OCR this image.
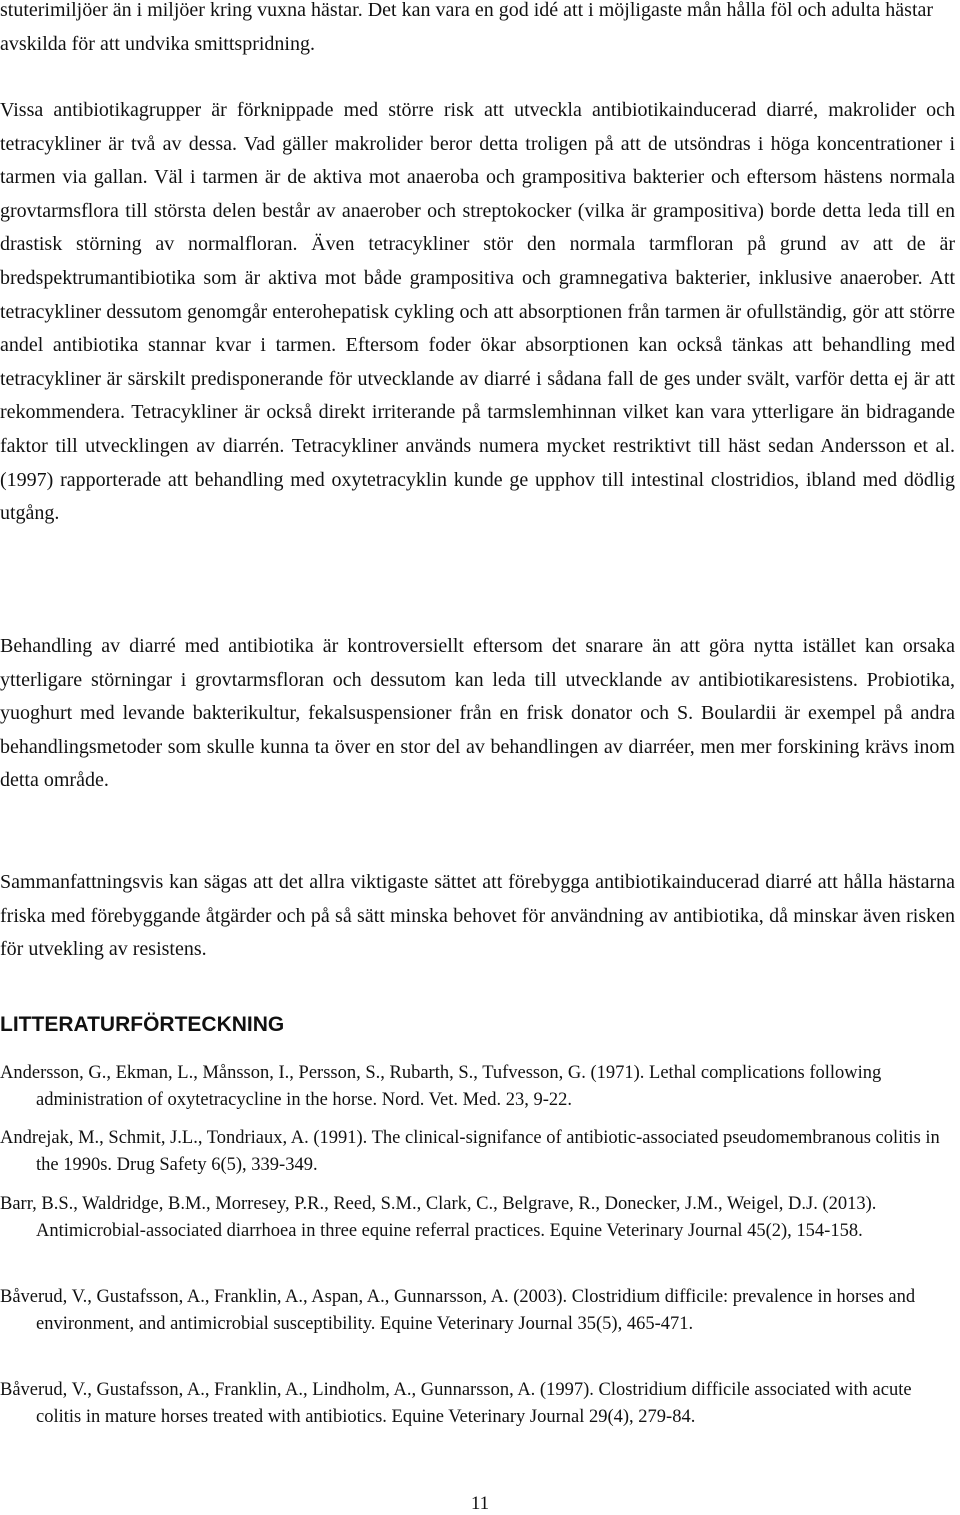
stuterimiljöer än i miljöer kring vuxna hästar. Det kan vara en god idé att i möjligaste mån hålla föl och adulta hästar avskilda för att undvika smittspridning.

Vissa antibiotikagrupper är förknippade med större risk att utveckla antibiotikainducerad diarré, makrolider och tetracykliner är två av dessa. Vad gäller makrolider beror detta troligen på att de utsöndras i höga koncentrationer i tarmen via gallan. Väl i tarmen är de aktiva mot anaeroba och grampositiva bakterier och eftersom hästens normala grovtarmsflora till största delen består av anaerober och streptokocker (vilka är grampositiva) borde detta leda till en drastisk störning av normalfloran. Även tetracykliner stör den normala tarmfloran på grund av att de är bredspektrumantibiotika som är aktiva mot både grampositiva och gramnegativa bakterier, inklusive anaerober. Att tetracykliner dessutom genomgår enterohepatisk cykling och att absorptionen från tarmen är ofullständig, gör att större andel antibiotika stannar kvar i tarmen. Eftersom foder ökar absorptionen kan också tänkas att behandling med tetracykliner är särskilt predisponerande för utvecklande av diarré i sådana fall de ges under svält, varför detta ej är att rekommendera. Tetracykliner är också direkt irriterande på tarmslemhinnan vilket kan vara ytterligare än bidragande faktor till utvecklingen av diarrén. Tetracykliner används numera mycket restriktivt till häst sedan Andersson et al. (1997) rapporterade att behandling med oxytetracyklin kunde ge upphov till intestinal clostridios, ibland med dödlig utgång.

Behandling av diarré med antibiotika är kontroversiellt eftersom det snarare än att göra nytta istället kan orsaka ytterligare störningar i grovtarmsfloran och dessutom kan leda till utvecklande av antibiotikaresistens. Probiotika, yuoghurt med levande bakterikultur, fekalsuspensioner från en frisk donator och S. Boulardii är exempel på andra behandlingsmetoder som skulle kunna ta över en stor del av behandlingen av diarréer, men mer forskining krävs inom detta område.

Sammanfattningsvis kan sägas att det allra viktigaste sättet att förebygga antibiotikainducerad diarré att hålla hästarna friska med förebyggande åtgärder och på så sätt minska behovet för användning av antibiotika, då minskar även risken för utvekling av resistens.

LITTERATURFÖRTECKNING
Andersson, G., Ekman, L., Månsson, I., Persson, S., Rubarth, S., Tufvesson, G. (1971). Lethal complications following administration of oxytetracycline in the horse. Nord. Vet. Med. 23, 9-22.
Andrejak, M., Schmit, J.L., Tondriaux, A. (1991). The clinical-signifance of antibiotic-associated pseudomembranous colitis in the 1990s. Drug Safety 6(5), 339-349.
Barr, B.S., Waldridge, B.M., Morresey, P.R., Reed, S.M., Clark, C., Belgrave, R., Donecker, J.M., Weigel, D.J. (2013). Antimicrobial-associated diarrhoea in three equine referral practices. Equine Veterinary Journal 45(2), 154-158.
Båverud, V., Gustafsson, A., Franklin, A., Aspan, A., Gunnarsson, A. (2003). Clostridium difficile: prevalence in horses and environment, and antimicrobial susceptibility. Equine Veterinary Journal 35(5), 465-471.
Båverud, V., Gustafsson, A., Franklin, A., Lindholm, A., Gunnarsson, A. (1997). Clostridium difficile associated with acute colitis in mature horses treated with antibiotics. Equine Veterinary Journal 29(4), 279-84.
11
